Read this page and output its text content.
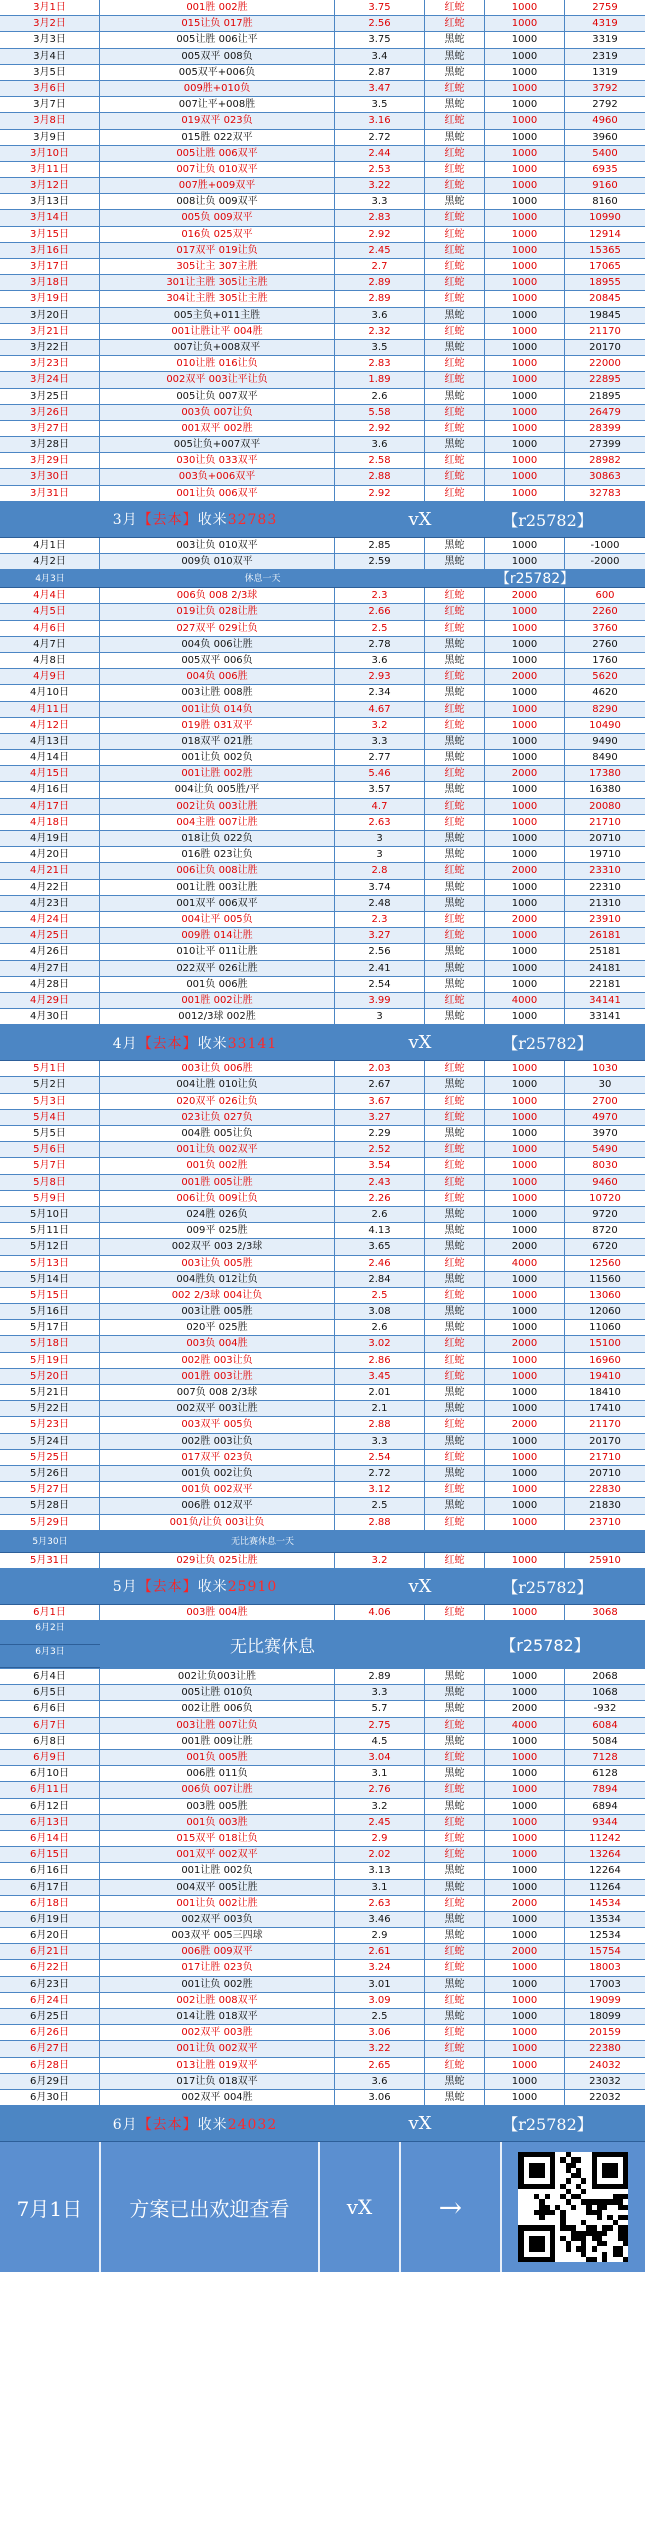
3月1日	001胜 002胜	3.75	红蛇	1000	2759
3月2日	015让负 017胜	2.56	红蛇	1000	4319
3月3日	005让胜 006让平	3.75	黑蛇	1000	3319
3月4日	005双平 008负	3.4	黑蛇	1000	2319
3月5日	005双平+006负	2.87	黑蛇	1000	1319
3月6日	009胜+010负	3.47	红蛇	1000	3792
3月7日	007让平+008胜	3.5	黑蛇	1000	2792
3月8日	019双平 023负	3.16	红蛇	1000	4960
3月9日	015胜 022双平	2.72	黑蛇	1000	3960
3月10日	005让胜 006双平	2.44	红蛇	1000	5400
3月11日	007让负 010双平	2.53	红蛇	1000	6935
3月12日	007胜+009双平	3.22	红蛇	1000	9160
3月13日	008让负 009双平	3.3	黑蛇	1000	8160
3月14日	005负 009双平	2.83	红蛇	1000	10990
3月15日	016负 025双平	2.92	红蛇	1000	12914
3月16日	017双平 019让负	2.45	红蛇	1000	15365
3月17日	305让主 307主胜	2.7	红蛇	1000	17065
3月18日	301让主胜 305让主胜	2.89	红蛇	1000	18955
3月19日	304让主胜 305让主胜	2.89	红蛇	1000	20845
3月20日	005主负+011主胜	3.6	黑蛇	1000	19845
3月21日	001让胜让平 004胜	2.32	红蛇	1000	21170
3月22日	007让负+008双平	3.5	黑蛇	1000	20170
3月23日	010让胜 016让负	2.83	红蛇	1000	22000
3月24日	002双平 003让平让负	1.89	红蛇	1000	22895
3月25日	005让负 007双平	2.6	黑蛇	1000	21895
3月26日	003负 007让负	5.58	红蛇	1000	26479
3月27日	001双平 002胜	2.92	红蛇	1000	28399
3月28日	005让负+007双平	3.6	黑蛇	1000	27399
3月29日	030让负 033双平	2.58	红蛇	1000	28982
3月30日	003负+006双平	2.88	红蛇	1000	30863
3月31日	001让负 006双平	2.92	红蛇	1000	32783
3月【去本】收米32783	vX	【r25782】
4月1日	003让负 010双平	2.85	黑蛇	1000	-1000
4月2日	009负 010双平	2.59	黑蛇	1000	-2000
4月3日	休息一天	【r25782】
4月4日	006负 008 2/3球	2.3	红蛇	2000	600
4月5日	019让负 028让胜	2.66	红蛇	1000	2260
4月6日	027双平 029让负	2.5	红蛇	1000	3760
4月7日	004负 006让胜	2.78	黑蛇	1000	2760
4月8日	005双平 006负	3.6	黑蛇	1000	1760
4月9日	004负 006胜	2.93	红蛇	2000	5620
4月10日	003让胜 008胜	2.34	黑蛇	1000	4620
4月11日	001让负 014负	4.67	红蛇	1000	8290
4月12日	019胜 031双平	3.2	红蛇	1000	10490
4月13日	018双平 021胜	3.3	黑蛇	1000	9490
4月14日	001让负 002负	2.77	黑蛇	1000	8490
4月15日	001让胜 002胜	5.46	红蛇	2000	17380
4月16日	004让负 005胜/平	3.57	黑蛇	1000	16380
4月17日	002让负 003让胜	4.7	红蛇	1000	20080
4月18日	004主胜 007让胜	2.63	红蛇	1000	21710
4月19日	018让负 022负	3	黑蛇	1000	20710
4月20日	016胜 023让负	3	黑蛇	1000	19710
4月21日	006让负 008让胜	2.8	红蛇	2000	23310
4月22日	001让胜 003让胜	3.74	黑蛇	1000	22310
4月23日	001双平 006双平	2.48	黑蛇	1000	21310
4月24日	004让平 005负	2.3	红蛇	2000	23910
4月25日	009胜 014让胜	3.27	红蛇	1000	26181
4月26日	010让平 011让胜	2.56	黑蛇	1000	25181
4月27日	022双平 026让胜	2.41	黑蛇	1000	24181
4月28日	001负 006胜	2.54	黑蛇	1000	22181
4月29日	001胜 002让胜	3.99	红蛇	4000	34141
4月30日	0012/3球 002胜	3	黑蛇	1000	33141
4月【去本】收米33141	vX	【r25782】
5月1日	003让负 006胜	2.03	红蛇	1000	1030
5月2日	004让胜 010让负	2.67	黑蛇	1000	30
5月3日	020双平 026让负	3.67	红蛇	1000	2700
5月4日	023让负 027负	3.27	红蛇	1000	4970
5月5日	004胜 005让负	2.29	黑蛇	1000	3970
5月6日	001让负 002双平	2.52	红蛇	1000	5490
5月7日	001负 002胜	3.54	红蛇	1000	8030
5月8日	001胜 005让胜	2.43	红蛇	1000	9460
5月9日	006让负 009让负	2.26	红蛇	1000	10720
5月10日	024胜 026负	2.6	黑蛇	1000	9720
5月11日	009平 025胜	4.13	黑蛇	1000	8720
5月12日	002双平 003 2/3球	3.65	黑蛇	2000	6720
5月13日	003让负 005胜	2.46	红蛇	4000	12560
5月14日	004胜负 012让负	2.84	黑蛇	1000	11560
5月15日	002 2/3球 004让负	2.5	红蛇	1000	13060
5月16日	003让胜 005胜	3.08	黑蛇	1000	12060
5月17日	020平 025胜	2.6	黑蛇	1000	11060
5月18日	003负 004胜	3.02	红蛇	2000	15100
5月19日	002胜 003让负	2.86	红蛇	1000	16960
5月20日	001胜 003让胜	3.45	红蛇	1000	19410
5月21日	007负 008 2/3球	2.01	黑蛇	1000	18410
5月22日	002双平 003让胜	2.1	黑蛇	1000	17410
5月23日	003双平 005负	2.88	红蛇	2000	21170
5月24日	002胜 003让负	3.3	黑蛇	1000	20170
5月25日	017双平 023负	2.54	红蛇	1000	21710
5月26日	001负 002让负	2.72	黑蛇	1000	20710
5月27日	001负 002双平	3.12	红蛇	1000	22830
5月28日	006胜 012双平	2.5	黑蛇	1000	21830
5月29日	001负/让负 003让负	2.88	红蛇	1000	23710
5月30日	无比赛休息一天
5月31日	029让负 025让胜	3.2	红蛇	1000	25910
5月【去本】收米25910	vX	【r25782】
6月1日	003胜 004胜	4.06	红蛇	1000	3068
6月2日
6月3日	无比赛休息	【r25782】
6月4日	002让负003让胜	2.89	黑蛇	1000	2068
6月5日	005让胜 010负	3.3	黑蛇	1000	1068
6月6日	002让胜 006负	5.7	黑蛇	2000	-932
6月7日	003让胜 007让负	2.75	红蛇	4000	6084
6月8日	001胜 009让胜	4.5	黑蛇	1000	5084
6月9日	001负 005胜	3.04	红蛇	1000	7128
6月10日	006胜 011负	3.1	黑蛇	1000	6128
6月11日	006负 007让胜	2.76	红蛇	1000	7894
6月12日	003胜 005胜	3.2	黑蛇	1000	6894
6月13日	001负 003胜	2.45	红蛇	1000	9344
6月14日	015双平 018让负	2.9	红蛇	1000	11242
6月15日	001双平 002双平	2.02	红蛇	1000	13264
6月16日	001让胜 002负	3.13	黑蛇	1000	12264
6月17日	004双平 005让胜	3.1	黑蛇	1000	11264
6月18日	001让负 002让胜	2.63	红蛇	2000	14534
6月19日	002双平 003负	3.46	黑蛇	1000	13534
6月20日	003双平 005三四球	2.9	黑蛇	1000	12534
6月21日	006胜 009双平	2.61	红蛇	2000	15754
6月22日	017让胜 023负	3.24	红蛇	1000	18003
6月23日	001让负 002胜	3.01	黑蛇	1000	17003
6月24日	002让胜 008双平	3.09	红蛇	1000	19099
6月25日	014让胜 018双平	2.5	黑蛇	1000	18099
6月26日	002双平 003胜	3.06	红蛇	1000	20159
6月27日	001让负 002双平	3.22	红蛇	1000	22380
6月28日	013让胜 019双平	2.65	红蛇	1000	24032
6月29日	017让负 018双平	3.6	黑蛇	1000	23032
6月30日	002双平 004胜	3.06	黑蛇	1000	22032
6月【去本】收米24032	vX	【r25782】
7月1日	方案已出欢迎查看	vX	→
